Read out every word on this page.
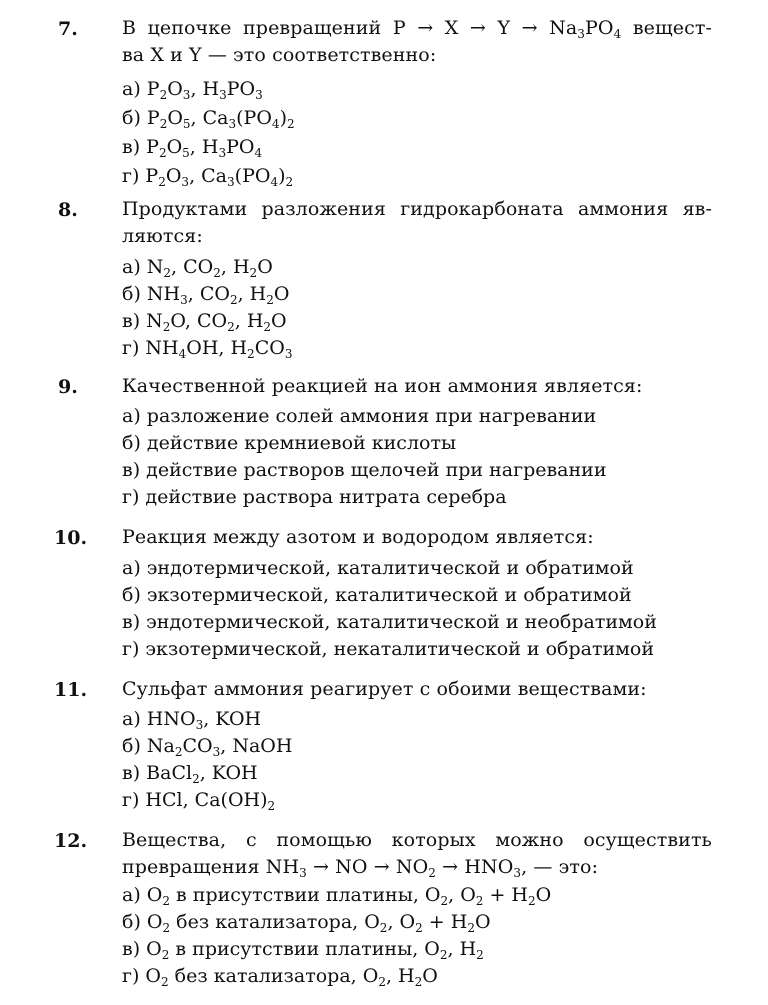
7. В цепочке превращений $P \to X \to Y \to Na_3PO_4$ вещест-
ва X и Y — это соответственно:
а) $P_2O_3$, $H_3PO_3$
б) $P_2O_5$, $Ca_3(PO_4)_2$
в) $P_2O_5$, $H_3PO_4$
г) $P_2O_3$, $Ca_3(PO_4)_2$
8. Продуктами разложения гидрокарбоната аммония яв-
ляются:
а) $N_2$, $CO_2$, $H_2O$
б) $NH_3$, $CO_2$, $H_2O$
в) $N_2O$, $CO_2$, $H_2O$
г) $NH_4OH$, $H_2CO_3$
9. Качественной реакцией на ион аммония является:
а) разложение солей аммония при нагревании
б) действие кремниевой кислоты
в) действие растворов щелочей при нагревании
г) действие раствора нитрата серебра
10. Реакция между азотом и водородом является:
а) эндотермической, каталитической и обратимой
б) экзотермической, каталитической и обратимой
в) эндотермической, каталитической и необратимой
г) экзотермической, некаталитической и обратимой
11. Сульфат аммония реагирует с обоими веществами:
а) $HNO_3$, KOH
б) $Na_2CO_3$, NaOH
в) BaCl$_2$, KOH
г) HCl, $Ca(OH)_2$
12. Вещества, с помощью которых можно осуществить
превращения $NH_3$ → NO → $NO_2 \to HNO_3$, — это:
а) $O_2$ в присутствии платины, $O_2$, $O_2 + H_2O$
б) $O_2$ без катализатора, $O_2$, $O_2 + H_2O$
в) $O_2$ в присутствии платины, $O_2$, $H_2$
г) $O_2$ без катализатора, $O_2$, $H_2O$
